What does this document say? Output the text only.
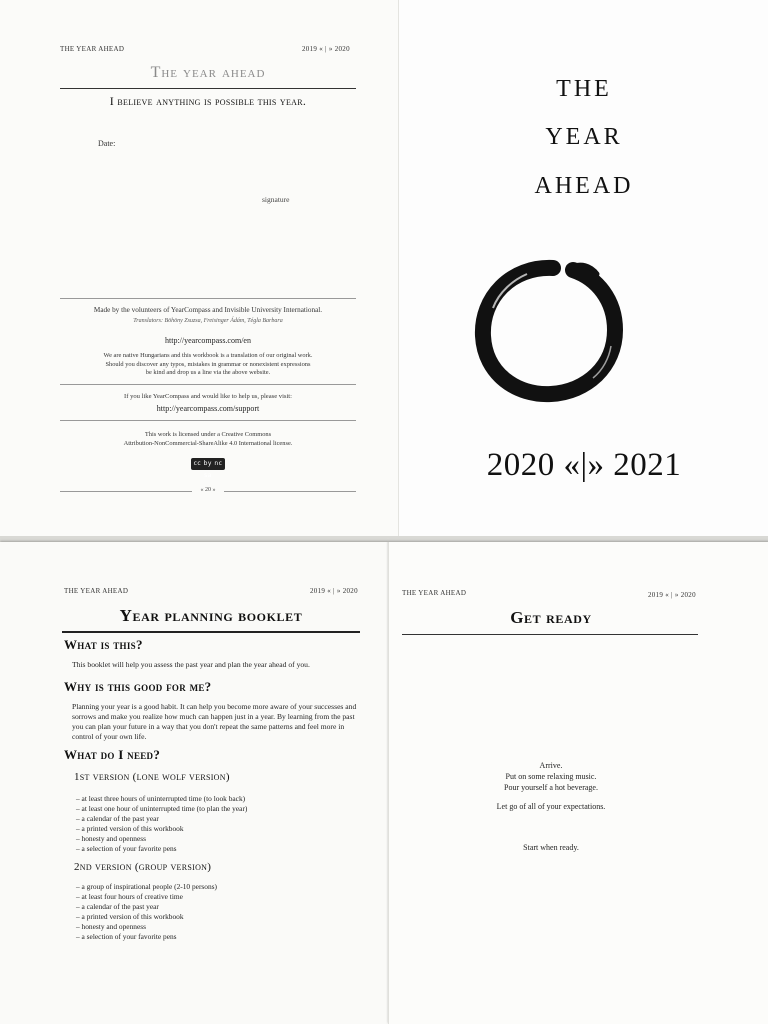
THE YEAR AHEAD	2019 « | » 2020
The year ahead
I believe anything is possible this year.
Date:
signature
Made by the volunteers of YearCompass and Invisible University International.
Translators: Böhöny Zsuzsa, Freisinger Ádám, Tégla Barbara
http://yearcompass.com/en
We are native Hungarians and this workbook is a translation of our original work.
Should you discover any typos, mistakes in grammar or nonexistent expressions
be kind and drop us a line via the above website.
If you like YearCompass and would like to help us, please visit:
http://yearcompass.com/support
This work is licensed under a Creative Commons
Attribution-NonCommercial-ShareAlike 4.0 International license.
cc by nc sa
« 20 »
THE
YEAR
AHEAD
2020 «|» 2021
THE YEAR AHEAD	2019 « | » 2020
Year planning booklet
What is this?
This booklet will help you assess the past year and plan the year ahead of you.
Why is this good for me?
Planning your year is a good habit. It can help you become more aware of your successes and sorrows and make you realize how much can happen just in a year. By learning from the past you can plan your future in a way that you don't repeat the same patterns and feel more in control of your own life.
What do I need?
1st version (lone wolf version)
– at least three hours of uninterrupted time (to look back)
– at least one hour of uninterrupted time (to plan the year)
– a calendar of the past year
– a printed version of this workbook
– honesty and openness
– a selection of your favorite pens
2nd version (group version)
– a group of inspirational people (2-10 persons)
– at least four hours of creative time
– a calendar of the past year
– a printed version of this workbook
– honesty and openness
– a selection of your favorite pens
THE YEAR AHEAD	2019 « | » 2020
Get ready
Arrive.
Put on some relaxing music.
Pour yourself a hot beverage.
Let go of all of your expectations.
Start when ready.
